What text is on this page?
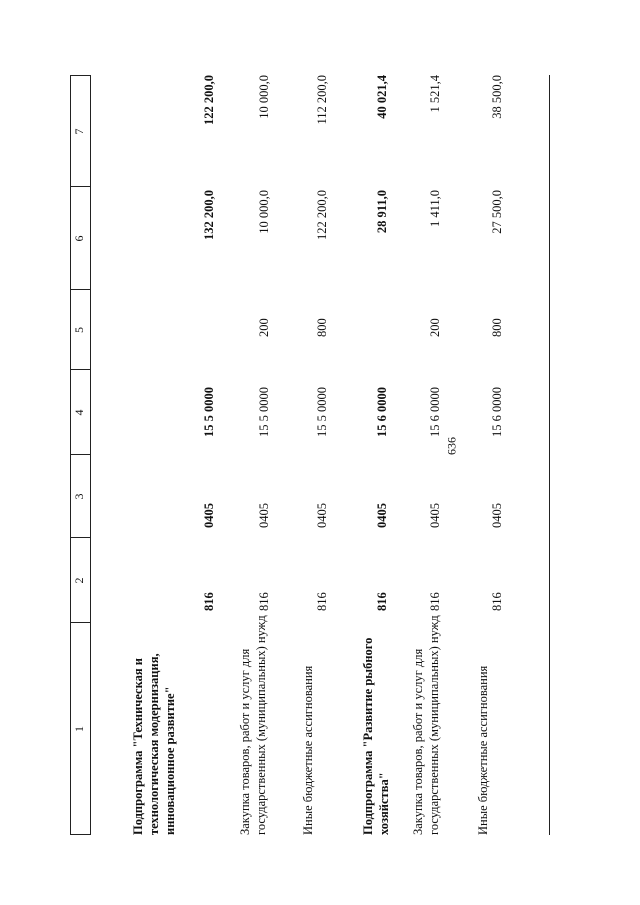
636
1
2
3
4
5
6
7
Подпрограмма "Техническая и технологическая модернизация, инновационное развитие"
816
0405
15 5 0000
132 200,0
122 200,0
Закупка товаров, работ и услуг для государственных (муниципальных) нужд
816
0405
15 5 0000
200
10 000,0
10 000,0
Иные бюджетные ассигнования
816
0405
15 5 0000
800
122 200,0
112 200,0
Подпрограмма "Развитие рыбного хозяйства"
816
0405
15 6 0000
28 911,0
40 021,4
Закупка товаров, работ и услуг для государственных (муниципальных) нужд
816
0405
15 6 0000
200
1 411,0
1 521,4
Иные бюджетные ассигнования
816
0405
15 6 0000
800
27 500,0
38 500,0
